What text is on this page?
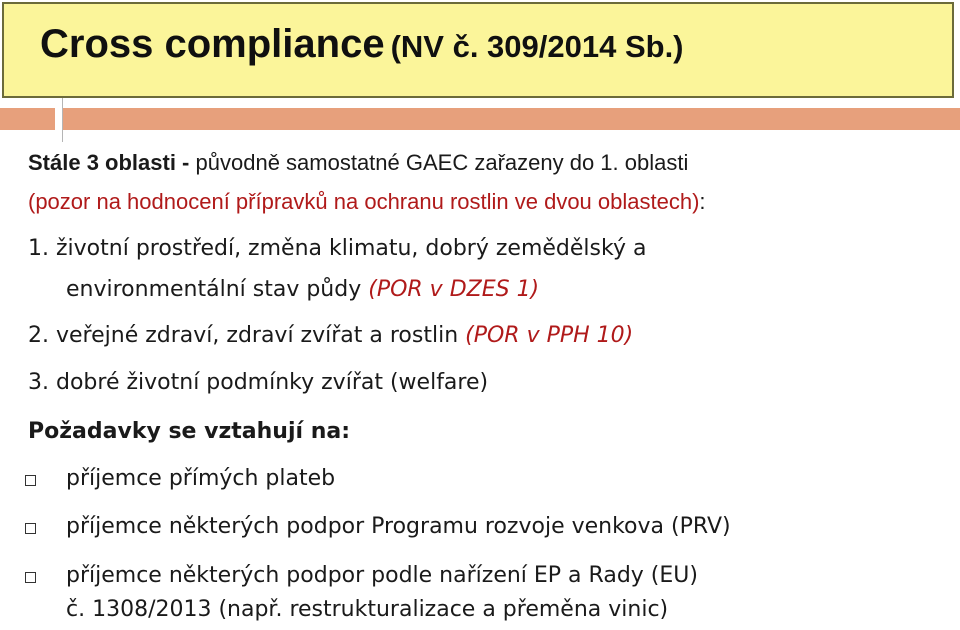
Cross compliance (NV č. 309/2014 Sb.)
Stále 3 oblasti - původně samostatné GAEC zařazeny do 1. oblasti
(pozor na hodnocení přípravků na ochranu rostlin ve dvou oblastech):
1. životní prostředí, změna klimatu, dobrý zemědělský a
environmentální stav půdy (POR v DZES 1)
2. veřejné zdraví, zdraví zvířat a rostlin (POR v PPH 10)
3. dobré životní podmínky zvířat (welfare)
Požadavky se vztahují na:
příjemce přímých plateb
příjemce některých podpor Programu rozvoje venkova (PRV)
příjemce některých podpor podle nařízení EP a Rady (EU)
č. 1308/2013 (např. restrukturalizace a přeměna vinic)
